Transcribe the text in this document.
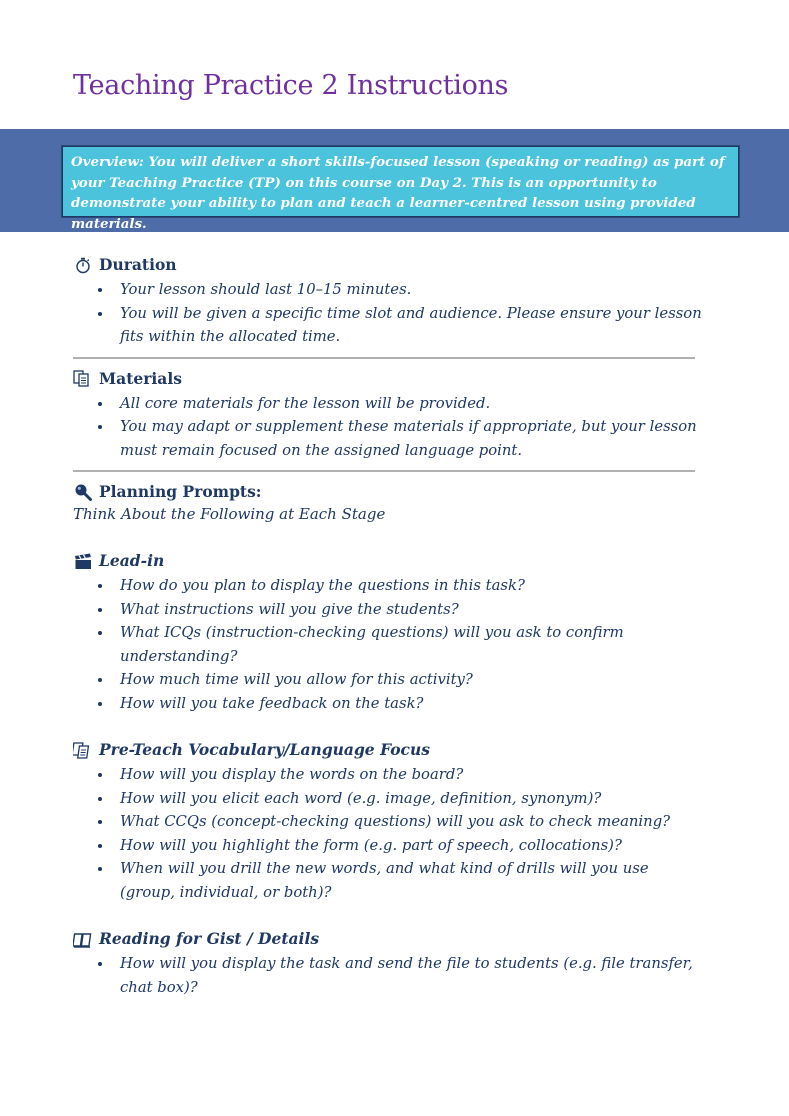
Teaching Practice 2 Instructions
Overview: You will deliver a short skills-focused lesson (speaking or reading) as part of your Teaching Practice (TP) on this course on Day 2. This is an opportunity to demonstrate your ability to plan and teach a learner-centred lesson using provided materials.
Duration
Your lesson should last 10–15 minutes.
You will be given a specific time slot and audience. Please ensure your lesson fits within the allocated time.
Materials
All core materials for the lesson will be provided.
You may adapt or supplement these materials if appropriate, but your lesson must remain focused on the assigned language point.
Planning Prompts:
Think About the Following at Each Stage
Lead-in
How do you plan to display the questions in this task?
What instructions will you give the students?
What ICQs (instruction-checking questions) will you ask to confirm understanding?
How much time will you allow for this activity?
How will you take feedback on the task?
Pre-Teach Vocabulary/Language Focus
How will you display the words on the board?
How will you elicit each word (e.g. image, definition, synonym)?
What CCQs (concept-checking questions) will you ask to check meaning?
How will you highlight the form (e.g. part of speech, collocations)?
When will you drill the new words, and what kind of drills will you use (group, individual, or both)?
Reading for Gist / Details
How will you display the task and send the file to students (e.g. file transfer, chat box)?
